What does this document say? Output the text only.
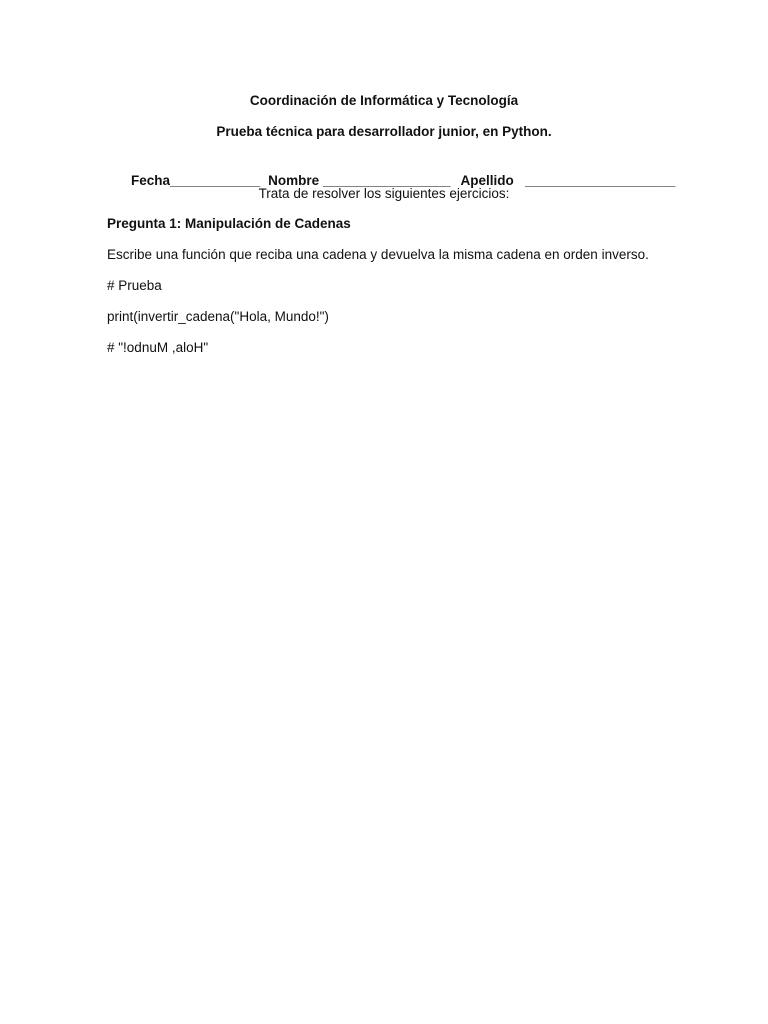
Coordinación de Informática y Tecnología
Prueba técnica para desarrollador junior, en Python.

Fecha____________ Nombre _________________ Apellido   ____________________

Trata de resolver los siguientes ejercicios:
Pregunta 1: Manipulación de Cadenas
Escribe una función que reciba una cadena y devuelva la misma cadena en orden inverso.
# Prueba
print(invertir_cadena("Hola, Mundo!")
# "!odnuM ,aloH"
